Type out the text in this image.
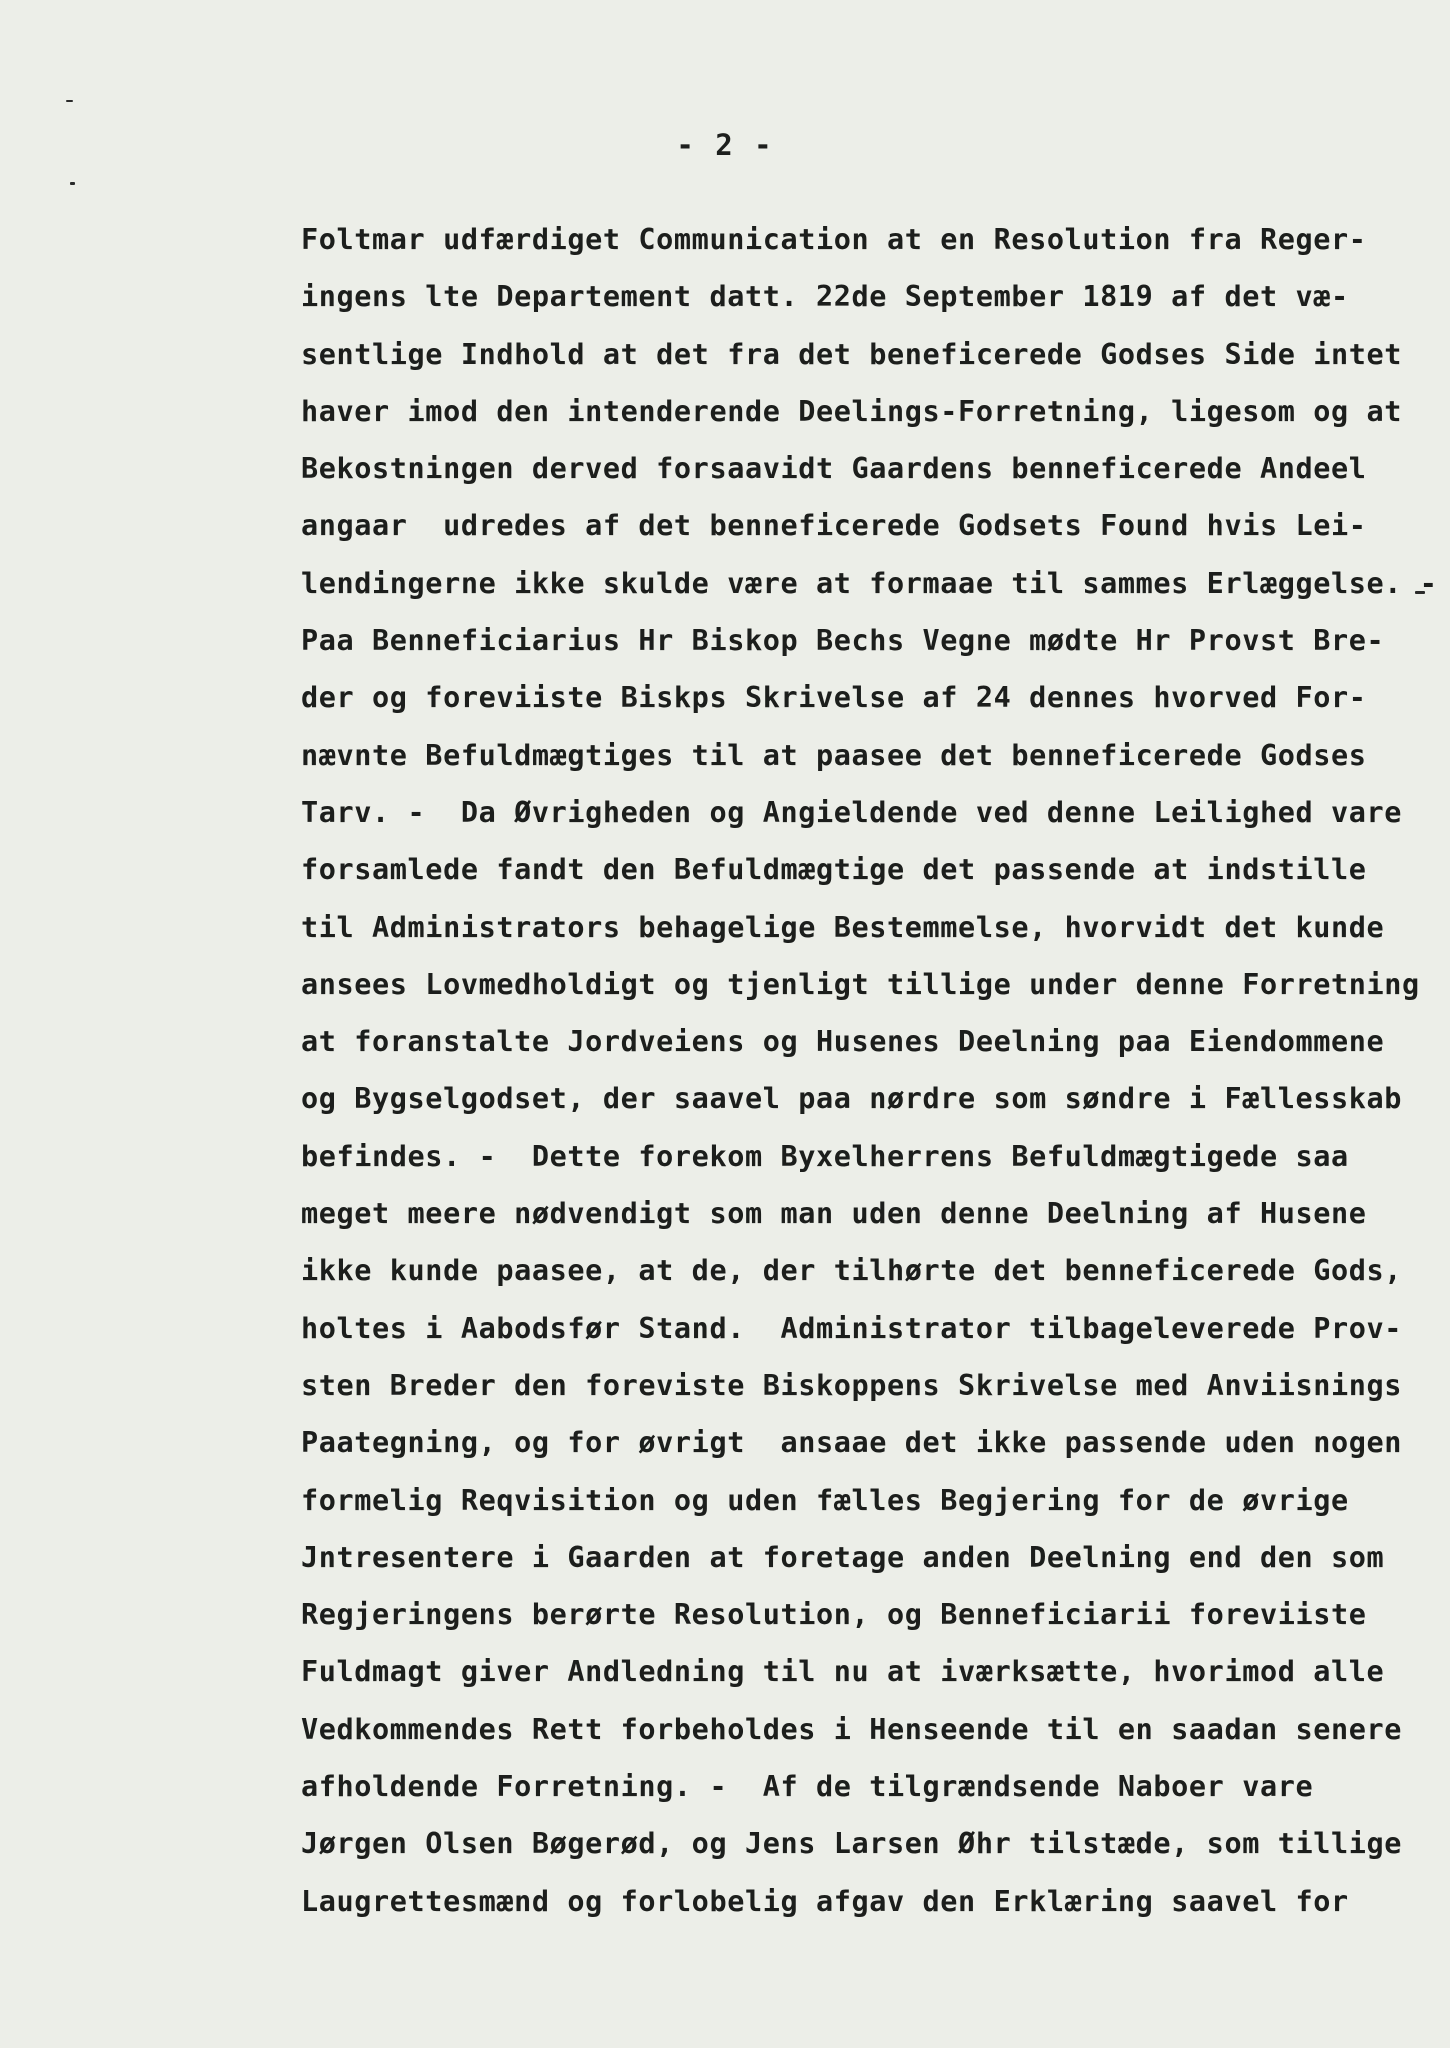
- 2 -
Foltmar udfærdiget Communication at en Resolution fra Reger-
ingens lte Departement datt. 22de September 1819 af det væ-
sentlige Indhold at det fra det beneficerede Godses Side intet
haver imod den intenderende Deelings-Forretning, ligesom og at
Bekostningen derved forsaavidt Gaardens benneficerede Andeel
angaar  udredes af det benneficerede Godsets Found hvis Lei-
lendingerne ikke skulde være at formaae til sammes Erlæggelse. -
Paa Benneficiarius Hr Biskop Bechs Vegne mødte Hr Provst Bre-
der og foreviiste Biskps Skrivelse af 24 dennes hvorved For-
nævnte Befuldmægtiges til at paasee det benneficerede Godses
Tarv. -  Da Øvrigheden og Angieldende ved denne Leilighed vare
forsamlede fandt den Befuldmægtige det passende at indstille
til Administrators behagelige Bestemmelse, hvorvidt det kunde
ansees Lovmedholdigt og tjenligt tillige under denne Forretning
at foranstalte Jordveiens og Husenes Deelning paa Eiendommene
og Bygselgodset, der saavel paa nørdre som søndre i Fællesskab
befindes. -  Dette forekom Byxelherrens Befuldmægtigede saa
meget meere nødvendigt som man uden denne Deelning af Husene
ikke kunde paasee, at de, der tilhørte det benneficerede Gods,
holtes i Aabodsfør Stand.  Administrator tilbageleverede Prov-
sten Breder den foreviste Biskoppens Skrivelse med Anviisnings
Paategning, og for øvrigt  ansaae det ikke passende uden nogen
formelig Reqvisition og uden fælles Begjering for de øvrige
Jntresentere i Gaarden at foretage anden Deelning end den som
Regjeringens berørte Resolution, og Benneficiarii foreviiste
Fuldmagt giver Andledning til nu at iværksætte, hvorimod alle
Vedkommendes Rett forbeholdes i Henseende til en saadan senere
afholdende Forretning. -  Af de tilgrændsende Naboer vare
Jørgen Olsen Bøgerød, og Jens Larsen Øhr tilstæde, som tillige
Laugrettesmænd og forlobelig afgav den Erklæring saavel for
